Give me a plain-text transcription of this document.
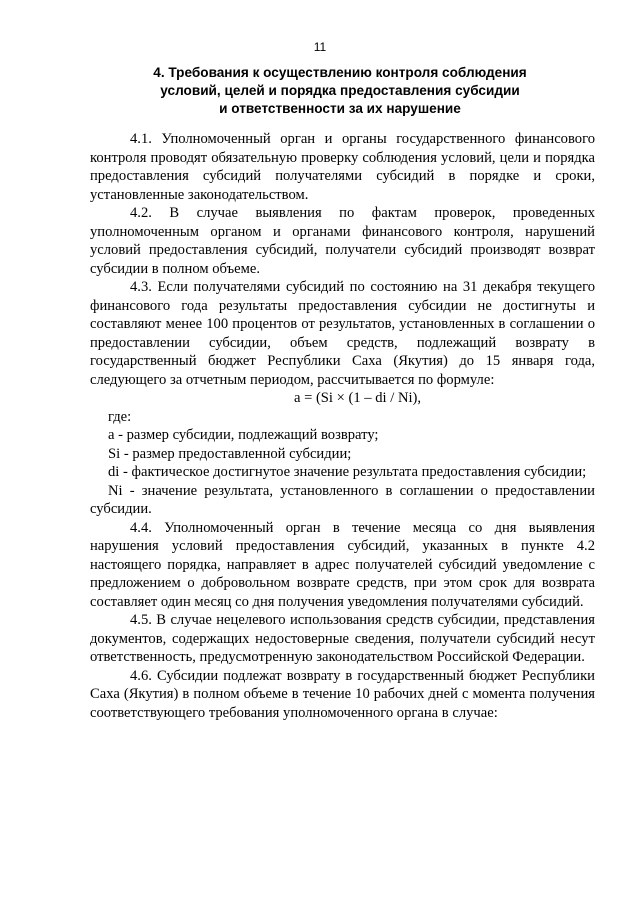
11
4. Требования к осуществлению контроля соблюдения
условий, целей и порядка предоставления субсидии
и ответственности за их нарушение

4.1. Уполномоченный орган и органы государственного финансового контроля проводят обязательную проверку соблюдения условий, цели и порядка предоставления субсидий получателями субсидий в порядке и сроки, установленные законодательством.

4.2. В случае выявления по фактам проверок, проведенных уполномоченным органом и органами финансового контроля, нарушений условий предоставления субсидий, получатели субсидий производят возврат субсидии в полном объеме.

4.3. Если получателями субсидий по состоянию на 31 декабря текущего финансового года результаты предоставления субсидии не достигнуты и составляют менее 100 процентов от результатов, установленных в соглашении о предоставлении субсидии, объем средств, подлежащий возврату в государственный бюджет Республики Саха (Якутия) до 15 января года, следующего за отчетным периодом, рассчитывается по формуле:

a = (Si × (1 – di / Ni),

где:

a - размер субсидии, подлежащий возврату;

Si - размер предоставленной субсидии;

di - фактическое достигнутое значение результата предоставления субсидии;

Ni - значение результата, установленного в соглашении о предоставлении субсидии.

4.4. Уполномоченный орган в течение месяца со дня выявления нарушения условий предоставления субсидий, указанных в пункте 4.2 настоящего порядка, направляет в адрес получателей субсидий уведомление с предложением о добровольном возврате средств, при этом срок для возврата составляет один месяц со дня получения уведомления получателями субсидий.

4.5. В случае нецелевого использования средств субсидии, представления документов, содержащих недостоверные сведения, получатели субсидий несут ответственность, предусмотренную законодательством Российской Федерации.

4.6. Субсидии подлежат возврату в государственный бюджет Республики Саха (Якутия) в полном объеме в течение 10 рабочих дней с момента получения соответствующего требования уполномоченного органа в случае:
